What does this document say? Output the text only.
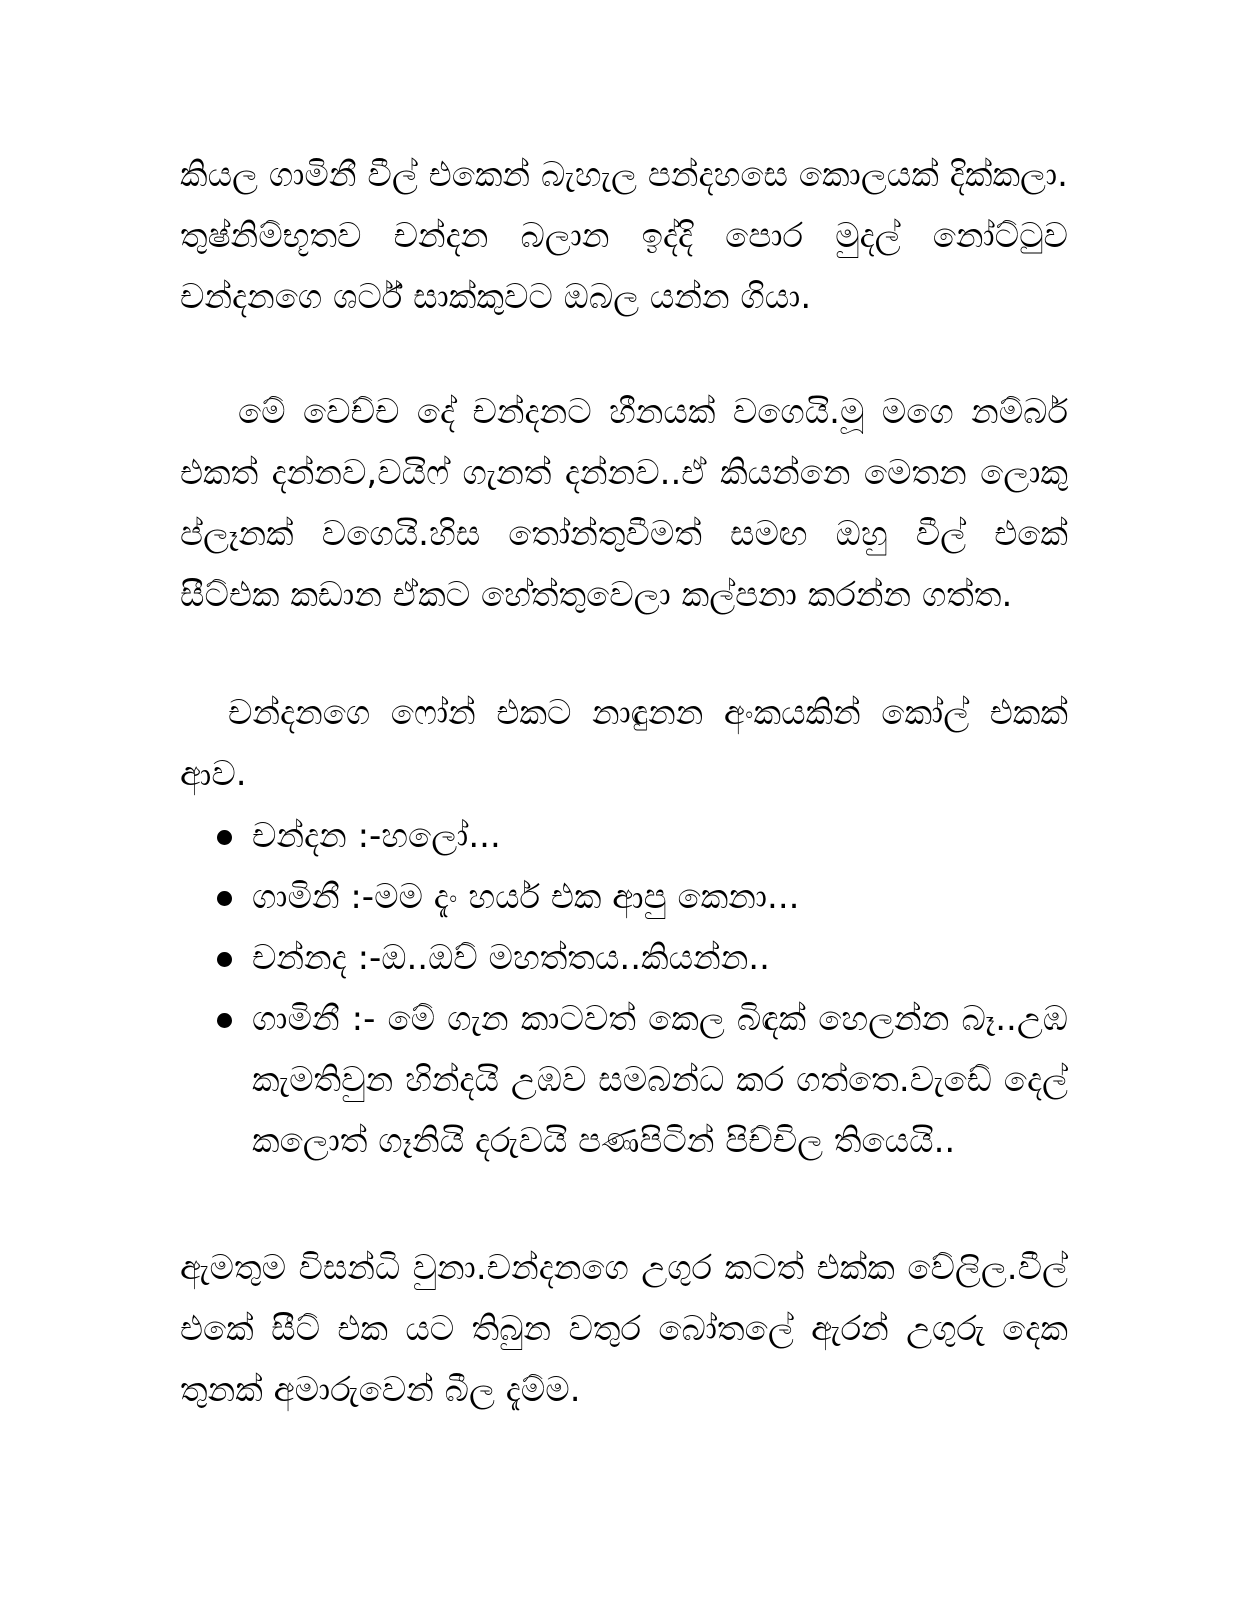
කියල ගාමිනී වීල් එකෙන් බැහැල පන්දහසෙ කොලයක් දික්කලා. තුෂ්නිම්භූතව චන්දන බලාන ඉද්දි පොර මුදල් නෝට්ටුව චන්දනගෙ ශර්ට් සාක්කුවට ඔබල යන්න ගියා.

මේ වෙච්ච දේ චන්දනට හීනයක් වගෙයි.මූ මගෙ නම්බර් එකත් දන්නව,වයිෆ් ගැනත් දන්නව..ඒ කියන්නෙ මෙතන ලොකු ප්ලෑනක් වගෙයි.හිස තෝන්තුවීමත් සමඟ ඔහු වීල් එකේ සීට්එක කඩාන ඒකට හේත්තුවෙලා කල්පනා කරන්න ගත්ත.

චන්දනගෙ ෆෝන් එකට නාඳුනන අංකයකින් කෝල් එකක් ආව.

චන්දන :-හලෝ...
ගාමිනී :-මම දැං හයර් එක ආපු කෙනා...
චන්නද :-ඔ..ඔව් මහත්තය..කියන්න..
ගාමිනී :- මේ ගැන කාටවත් කෙල බිඳක් හෙලන්න බෑ..උඹ කැමතිවුන හින්දයි උඹව සමබන්ධ කර ගත්තෙ.වැඩේ දෙල් කලොත් ගෑනියි දරුවයි පණපිටින් පිච්චිල තියෙයි..

ඇමතුම විසන්ධි වුනා.චන්දනගෙ උගුර කටත් එක්ක වේලිල.වීල් එකේ සීට් එක යට තිබුන වතුර බෝතලේ ඇරන් උගුරු දෙක තුනක් අමාරුවෙන් බීල දැම්ම.
